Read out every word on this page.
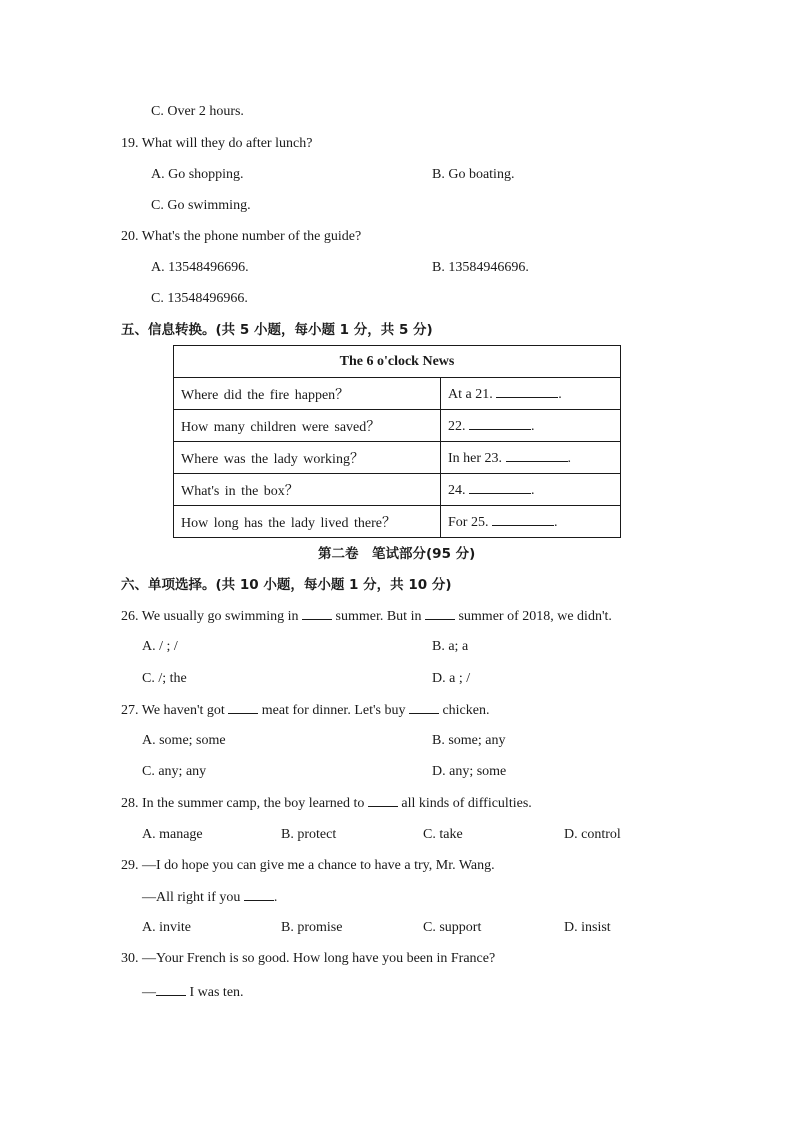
C. Over 2 hours.
19. What will they do after lunch?
A. Go shopping.	B. Go boating.
C. Go swimming.
20. What's the phone number of the guide?
A. 13548496696.	B. 13584946696.
C. 13548496966.
五、信息转换。(共 5 小题，每小题 1 分，共 5 分)
The 6 o'clock News	
Where did the fire happen？	At a 21. .
How many children were saved？	22. .
Where was the lady working？	In her 23. .
What's in the box？	24. .
How long has the lady lived there？	For 25. .
第二卷　笔试部分(95 分)
六、单项选择。(共 10 小题，每小题 1 分，共 10 分)
26. We usually go swimming in	summer. But in	summer of 2018, we didn't.
A. / ; /	B. a; a
C. /; the	D. a ; /
27. We haven't got	meat for dinner. Let's buy	chicken.
A. some; some	B. some; any
C. any; any	D. any; some
28. In the summer camp, the boy learned to	all kinds of difficulties.
A. manage	B. protect	C. take	D. control
29. —I do hope you can give me a chance to have a try, Mr. Wang.
—All right if you .
A. invite	B. promise	C. support	D. insist
30. —Your French is so good. How long have you been in France?
— I was ten.
